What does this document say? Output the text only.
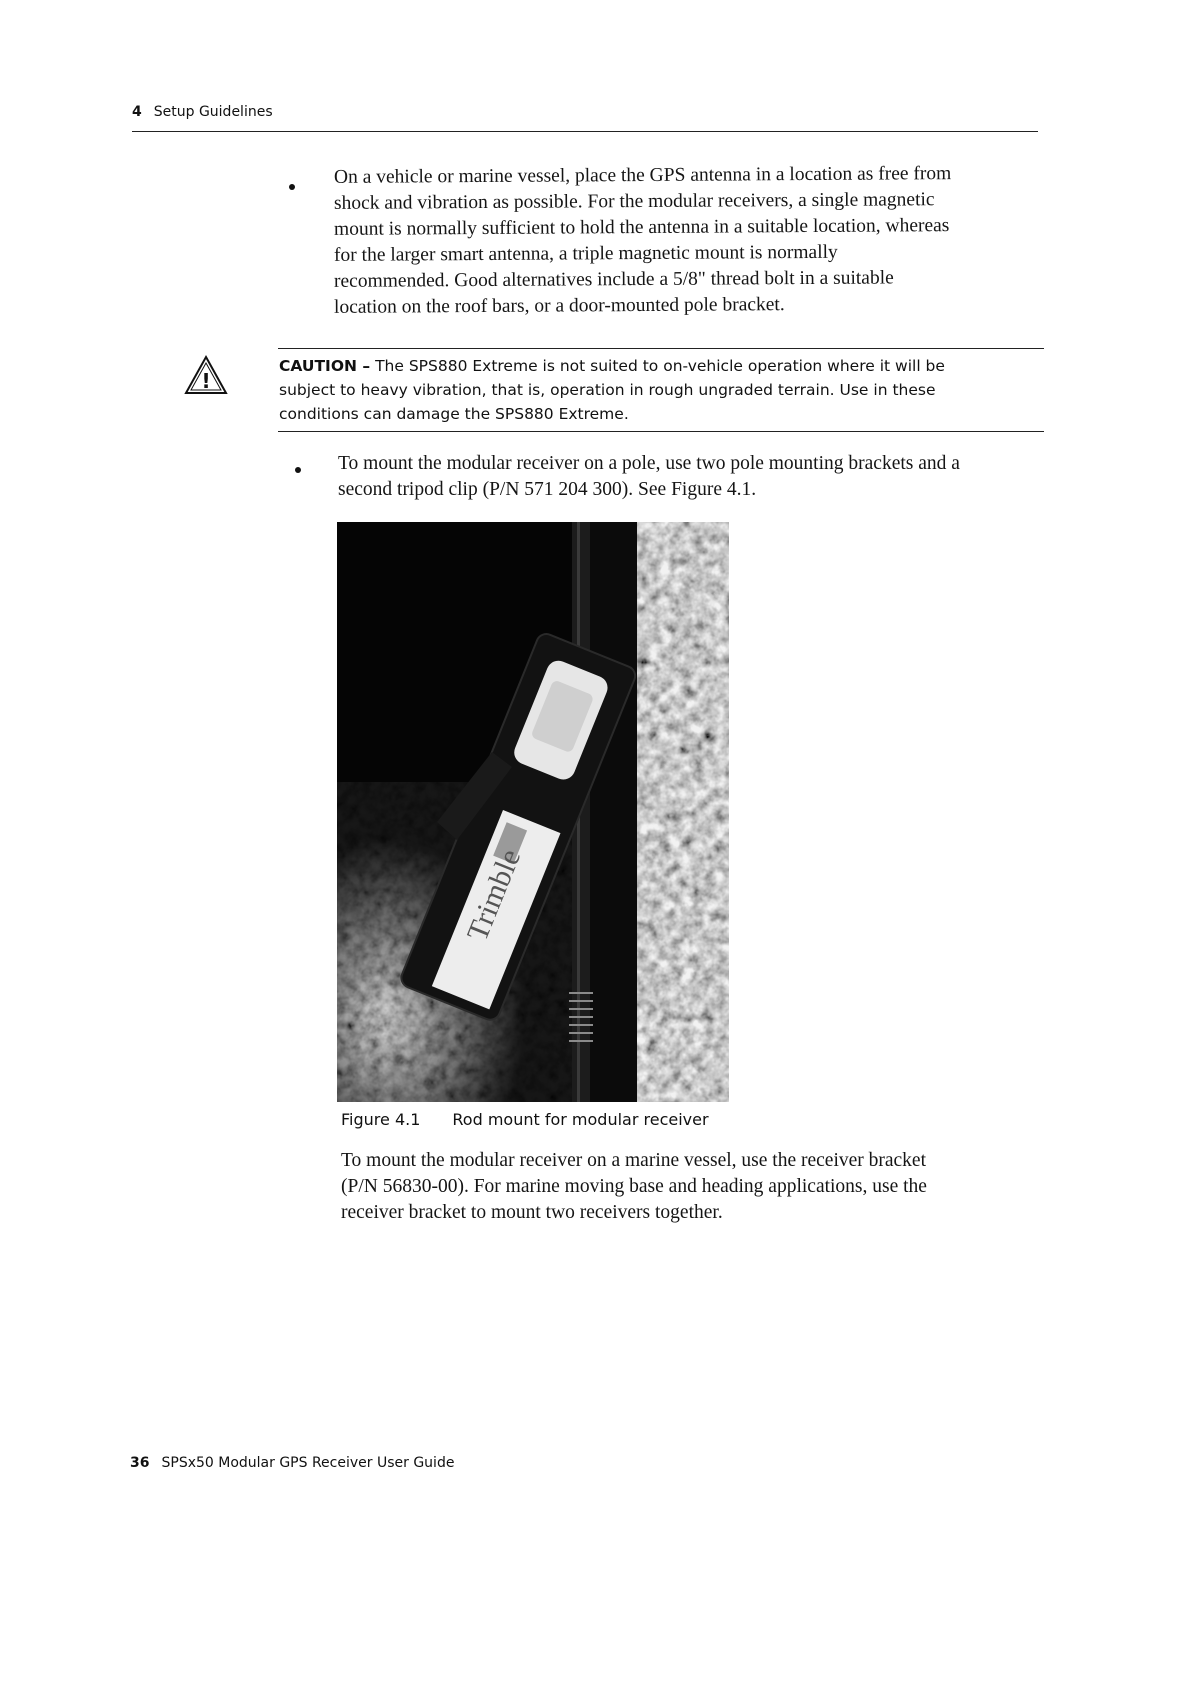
4 Setup Guidelines
On a vehicle or marine vessel, place the GPS antenna in a location as free from
shock and vibration as possible. For the modular receivers, a single magnetic
mount is normally sufficient to hold the antenna in a suitable location, whereas
for the larger smart antenna, a triple magnetic mount is normally
recommended. Good alternatives include a 5/8" thread bolt in a suitable
location on the roof bars, or a door-mounted pole bracket.
!
CAUTION – The SPS880 Extreme is not suited to on-vehicle operation where it will be
subject to heavy vibration, that is, operation in rough ungraded terrain. Use in these
conditions can damage the SPS880 Extreme.
To mount the modular receiver on a pole, use two pole mounting brackets and a
second tripod clip (P/N 571 204 300). See Figure 4.1.
Trimble
Figure 4.1 Rod mount for modular receiver
To mount the modular receiver on a marine vessel, use the receiver bracket
(P/N 56830-00). For marine moving base and heading applications, use the
receiver bracket to mount two receivers together.
36 SPSx50 Modular GPS Receiver User Guide
